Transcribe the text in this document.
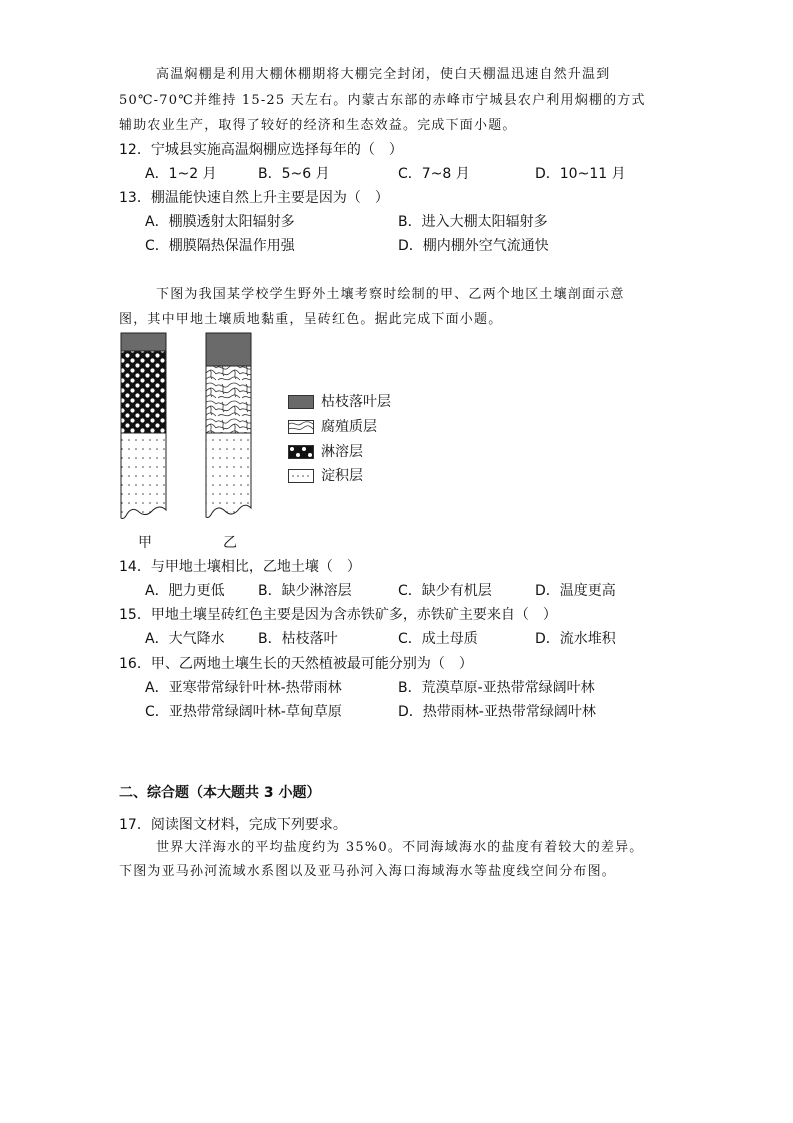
高温焖棚是利用大棚休棚期将大棚完全封闭，使白天棚温迅速自然升温到
50℃-70℃并维持 15-25 天左右。内蒙古东部的赤峰市宁城县农户利用焖棚的方式
辅助农业生产，取得了较好的经济和生态效益。完成下面小题。
12．宁城县实施高温焖棚应选择每年的（　）
A．1~2 月	B．5~6 月	C．7~8 月	D．10~11 月
13．棚温能快速自然上升主要是因为（　）
A．棚膜透射太阳辐射多	B．进入大棚太阳辐射多
C．棚膜隔热保温作用强	D．棚内棚外空气流通快
下图为我国某学校学生野外土壤考察时绘制的甲、乙两个地区土壤剖面示意
图，其中甲地土壤质地黏重，呈砖红色。据此完成下面小题。
枯枝落叶层
腐殖质层
淋溶层
淀积层
甲	乙
14．与甲地土壤相比，乙地土壤（　）
A．肥力更低 B．缺少淋溶层	C．缺少有机层	D．温度更高
15．甲地土壤呈砖红色主要是因为含赤铁矿多，赤铁矿主要来自（　）
A．大气降水 B．枯枝落叶	C．成土母质	D．流水堆积
16．甲、乙两地土壤生长的天然植被最可能分别为（　）
A．亚寒带常绿针叶林-热带雨林	B．荒漠草原-亚热带常绿阔叶林
C．亚热带常绿阔叶林-草甸草原	D．热带雨林-亚热带常绿阔叶林
二、综合题（本大题共 3 小题）
17．阅读图文材料，完成下列要求。
世界大洋海水的平均盐度约为 35%0。不同海域海水的盐度有着较大的差异。
下图为亚马孙河流域水系图以及亚马孙河入海口海域海水等盐度线空间分布图。
